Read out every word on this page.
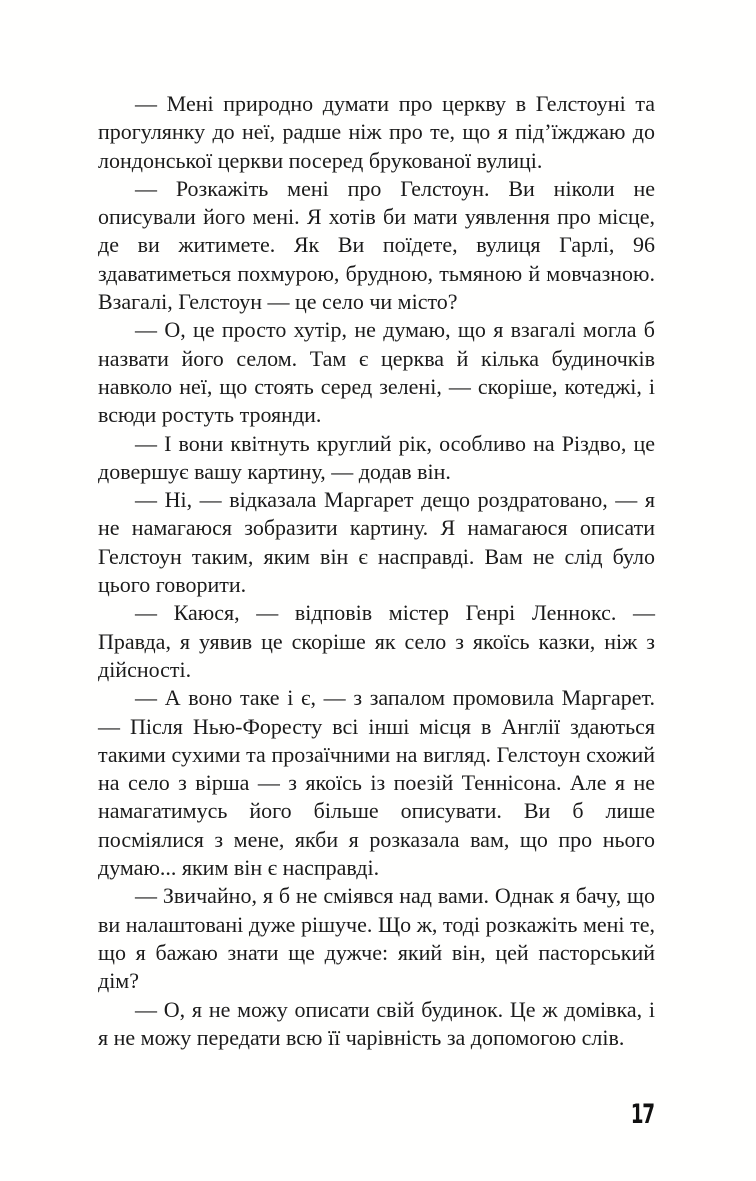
— Мені природно думати про церкву в Гелстоуні та прогулянку до неї, радше ніж про те, що я під’їжджаю до лондонської церкви посеред брукованої вулиці.

— Розкажіть мені про Гелстоун. Ви ніколи не описували його мені. Я хотів би мати уявлення про місце, де ви житимете. Як Ви поїдете, вулиця Гарлі, 96 здаватиметься похмурою, брудною, тьмяною й мовчазною. Взагалі, Гелстоун — це село чи місто?

— О, це просто хутір, не думаю, що я взагалі могла б назвати його селом. Там є церква й кілька будиночків навколо неї, що стоять серед зелені, — скоріше, котеджі, і всюди ростуть троянди.

— І вони квітнуть круглий рік, особливо на Різдво, це довершує вашу картину, — додав він.

— Ні, — відказала Маргарет дещо роздратовано, — я не намагаюся зобразити картину. Я намагаюся описати Гелстоун таким, яким він є насправді. Вам не слід було цього говорити.

— Каюся, — відповів містер Генрі Леннокс. — Правда, я уявив це скоріше як село з якоїсь казки, ніж з дійсності.

— А воно таке і є, — з запалом промовила Маргарет. — Після Нью-Форесту всі інші місця в Англії здаються такими сухими та прозаїчними на вигляд. Гелстоун схожий на село з вірша — з якоїсь із поезій Теннісона. Але я не намагатимусь його більше описувати. Ви б лише посміялися з мене, якби я розказала вам, що про нього думаю... яким він є насправді.

— Звичайно, я б не сміявся над вами. Однак я бачу, що ви налаштовані дуже рішуче. Що ж, тоді розкажіть мені те, що я бажаю знати ще дужче: який він, цей пасторський дім?

— О, я не можу описати свій будинок. Це ж домівка, і я не можу передати всю її чарівність за допомогою слів.

17
